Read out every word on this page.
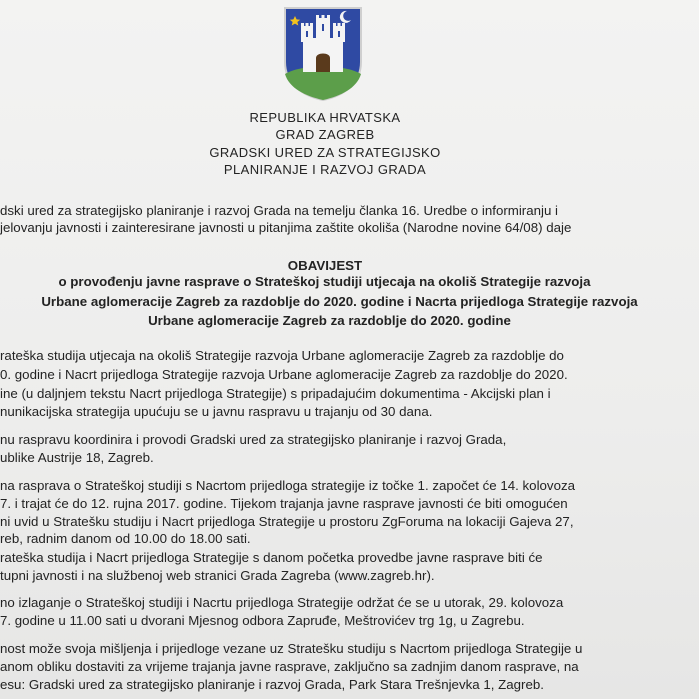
REPUBLIKA HRVATSKA
GRAD ZAGREB
GRADSKI URED ZA STRATEGIJSKO
PLANIRANJE I RAZVOJ GRADA
dski ured za strategijsko planiranje i razvoj Grada na temelju članka 16. Uredbe o informiranju i
jelovanju javnosti i zainteresirane javnosti u pitanjima zaštite okoliša (Narodne novine 64/08) daje
OBAVIJEST
o provođenju javne rasprave o Strateškoj studiji utjecaja na okoliš Strategije razvoja
Urbane aglomeracije Zagreb za razdoblje do 2020. godine i Nacrta prijedloga Strategije razvoja
Urbane aglomeracije Zagreb za razdoblje do 2020. godine
rateška studija utjecaja na okoliš Strategije razvoja Urbane aglomeracije Zagreb za razdoblje do
0. godine i Nacrt prijedloga Strategije razvoja Urbane aglomeracije Zagreb za razdoblje do 2020.
ine (u daljnjem tekstu Nacrt prijedloga Strategije) s pripadajućim dokumentima - Akcijski plan i
nunikacijska strategija upućuju se u javnu raspravu u trajanju od 30 dana.
nu raspravu koordinira i provodi Gradski ured za strategijsko planiranje i razvoj Grada,
ublike Austrije 18, Zagreb.
na rasprava o Strateškoj studiji s Nacrtom prijedloga strategije iz točke 1. započet će 14. kolovoza
7. i trajat će do 12. rujna 2017. godine. Tijekom trajanja javne rasprave javnosti će biti omogućen
ni uvid u Stratešku studiju i Nacrt prijedloga Strategije u prostoru ZgForuma na lokaciji Gajeva 27,
reb, radnim danom od 10.00 do 18.00 sati.
rateška studija i Nacrt prijedloga Strategije s danom početka provedbe javne rasprave biti će
tupni javnosti i na službenoj web stranici Grada Zagreba (www.zagreb.hr).
no izlaganje o Strateškoj studiji i Nacrtu prijedloga Strategije održat će se u utorak, 29. kolovoza
7. godine u 11.00 sati u dvorani Mjesnog odbora Zapruđe, Meštrovićev trg 1g, u Zagrebu.
nost može svoja mišljenja i prijedloge vezane uz Stratešku studiju s Nacrtom prijedloga Strategije u
anom obliku dostaviti za vrijeme trajanja javne rasprave, zaključno sa zadnjim danom rasprave, na
esu: Gradski ured za strategijsko planiranje i razvoj Grada, Park Stara Trešnjevka 1, Zagreb.
